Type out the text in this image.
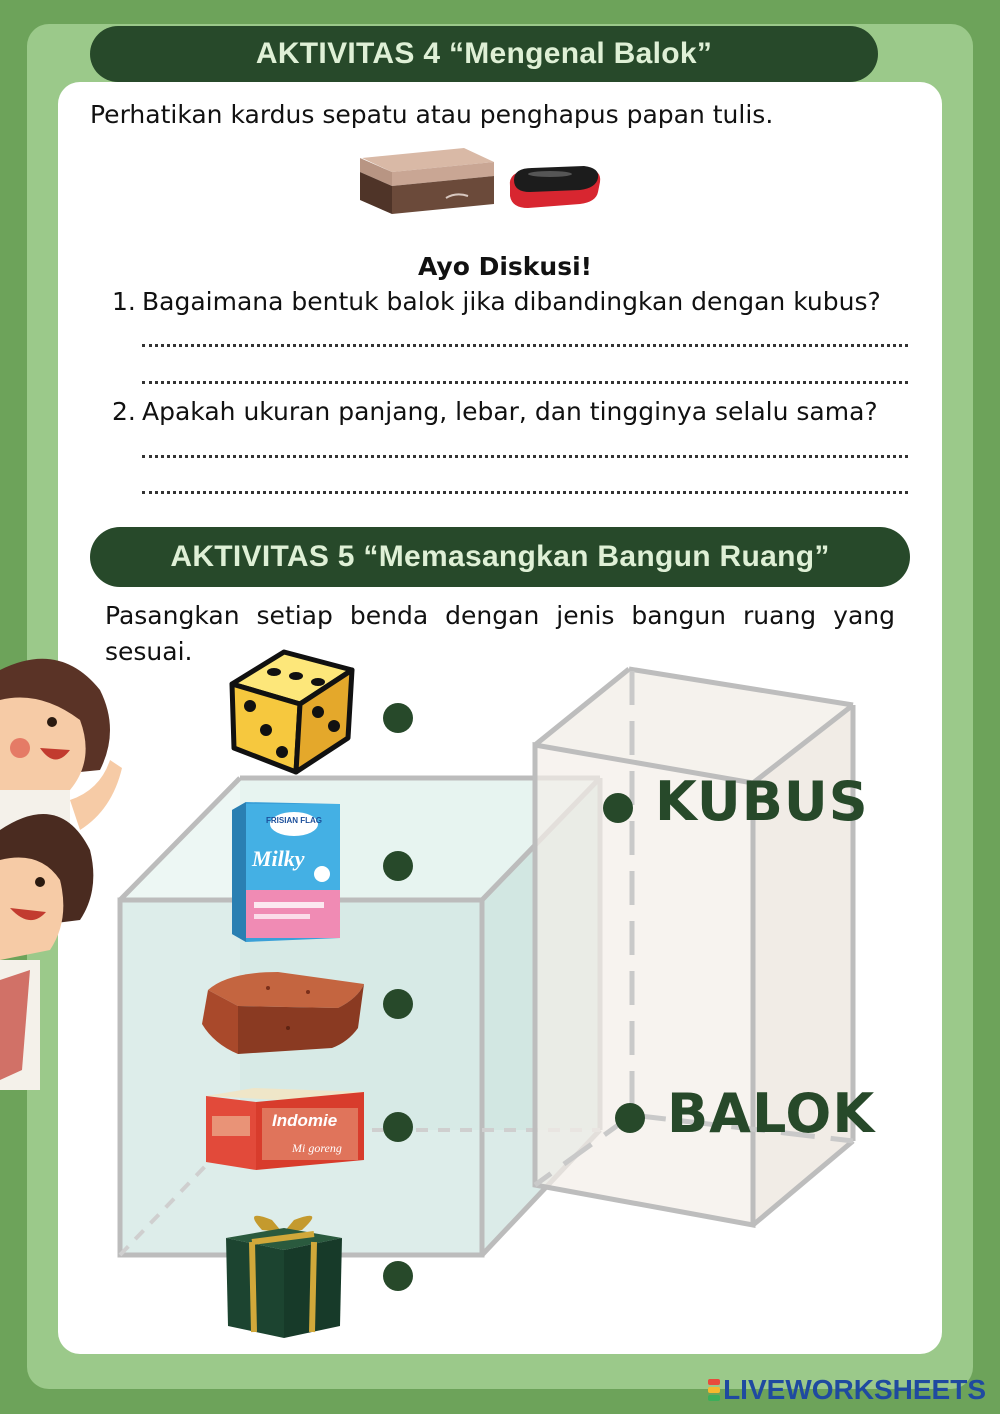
AKTIVITAS 4 “Mengenal Balok”
Perhatikan kardus sepatu atau penghapus papan tulis.
Ayo Diskusi!
1. Bagaimana bentuk balok jika dibandingkan dengan kubus?
2. Apakah ukuran panjang, lebar, dan tingginya selalu sama?
AKTIVITAS 5 “Memasangkan Bangun Ruang”
Pasangkan setiap benda dengan jenis bangun ruang yang sesuai.
FRISIAN FLAG
Milky
Indomie
Mi goreng
KUBUS
BALOK
LIVEWORKSHEETS
